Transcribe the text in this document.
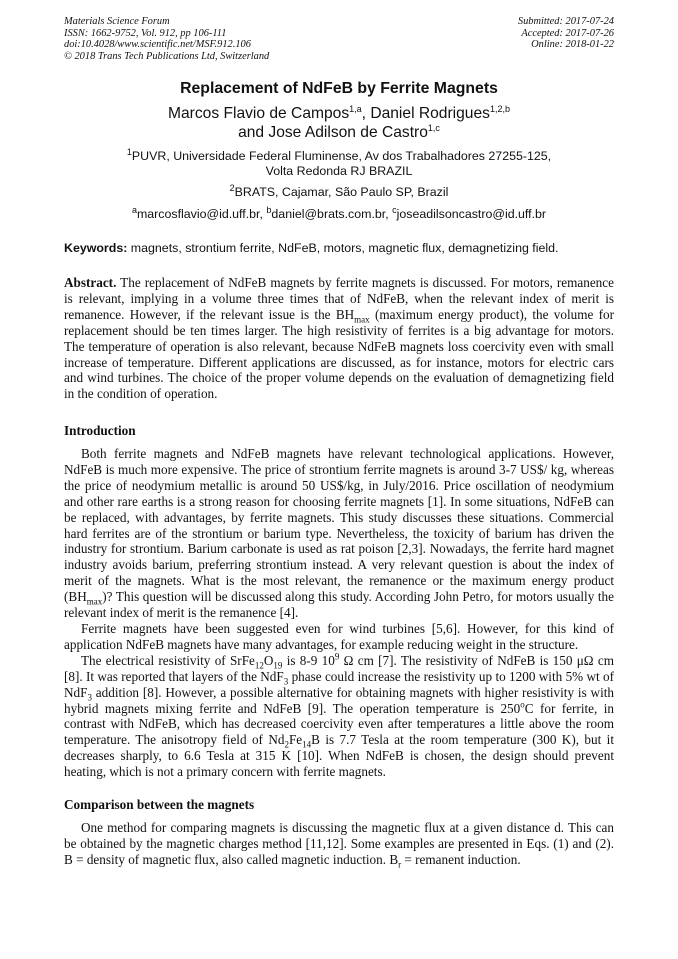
Materials Science Forum
ISSN: 1662-9752, Vol. 912, pp 106-111
doi:10.4028/www.scientific.net/MSF.912.106
© 2018 Trans Tech Publications Ltd, Switzerland
Submitted: 2017-07-24
Accepted: 2017-07-26
Online: 2018-01-22
Replacement of NdFeB by Ferrite Magnets
Marcos Flavio de Campos$^{1,a}$, Daniel Rodrigues$^{1,2,b}$
and Jose Adilson de Castro$^{1,c}$
$^1$PUVR, Universidade Federal Fluminense, Av dos Trabalhadores 27255-125,
Volta Redonda RJ BRAZIL
$^2$BRATS, Cajamar, São Paulo SP, Brazil
$^a$marcosflavio@id.uff.br, $^b$daniel@brats.com.br, $^c$joseadilsoncastro@id.uff.br
Keywords: magnets, strontium ferrite, NdFeB, motors, magnetic flux, demagnetizing field.

Abstract. The replacement of NdFeB magnets by ferrite magnets is discussed. For motors, remanence is relevant, implying in a volume three times that of NdFeB, when the relevant index of merit is remanence. However, if the relevant issue is the $BH_{max}$ (maximum energy product), the volume for replacement should be ten times larger. The high resistivity of ferrites is a big advantage for motors. The temperature of operation is also relevant, because NdFeB magnets loss coercivity even with small increase of temperature. Different applications are discussed, as for instance, motors for electric cars and wind turbines. The choice of the proper volume depends on the evaluation of demagnetizing field in the condition of operation.

Introduction

Both ferrite magnets and NdFeB magnets have relevant technological applications. However, NdFeB is much more expensive. The price of strontium ferrite magnets is around 3-7 US$/ kg, whereas the price of neodymium metallic is around 50 US$/kg, in July/2016. Price oscillation of neodymium and other rare earths is a strong reason for choosing ferrite magnets [1]. In some situations, NdFeB can be replaced, with advantages, by ferrite magnets. This study discusses these situations. Commercial hard ferrites are of the strontium or barium type. Nevertheless, the toxicity of barium has driven the industry for strontium. Barium carbonate is used as rat poison [2,3]. Nowadays, the ferrite hard magnet industry avoids barium, preferring strontium instead. A very relevant question is about the index of merit of the magnets. What is the most relevant, the remanence or the maximum energy product $(BH_{max})$? This question will be discussed along this study. According John Petro, for motors usually the relevant index of merit is the remanence [4].

Ferrite magnets have been suggested even for wind turbines [5,6]. However, for this kind of application NdFeB magnets have many advantages, for example reducing weight in the structure.

The electrical resistivity of $SrFe_{12}O_{19}$ is 8-9 $10^9$ Ω cm [7]. The resistivity of NdFeB is 150 μΩ cm [8]. It was reported that layers of the NdF$_3$ phase could increase the resistivity up to 1200 with 5% wt of NdF$_3$ addition [8]. However, a possible alternative for obtaining magnets with higher resistivity is with hybrid magnets mixing ferrite and NdFeB [9]. The operation temperature is 250$^o$C for ferrite, in contrast with NdFeB, which has decreased coercivity even after temperatures a little above the room temperature. The anisotropy field of $Nd_2Fe_{14}B$ is 7.7 Tesla at the room temperature (300 K), but it decreases sharply, to 6.6 Tesla at 315 K [10]. When NdFeB is chosen, the design should prevent heating, which is not a primary concern with ferrite magnets.

Comparison between the magnets

One method for comparing magnets is discussing the magnetic flux at a given distance d. This can be obtained by the magnetic charges method [11,12]. Some examples are presented in Eqs. (1) and (2). B = density of magnetic flux, also called magnetic induction. $B_r$ = remanent induction.
